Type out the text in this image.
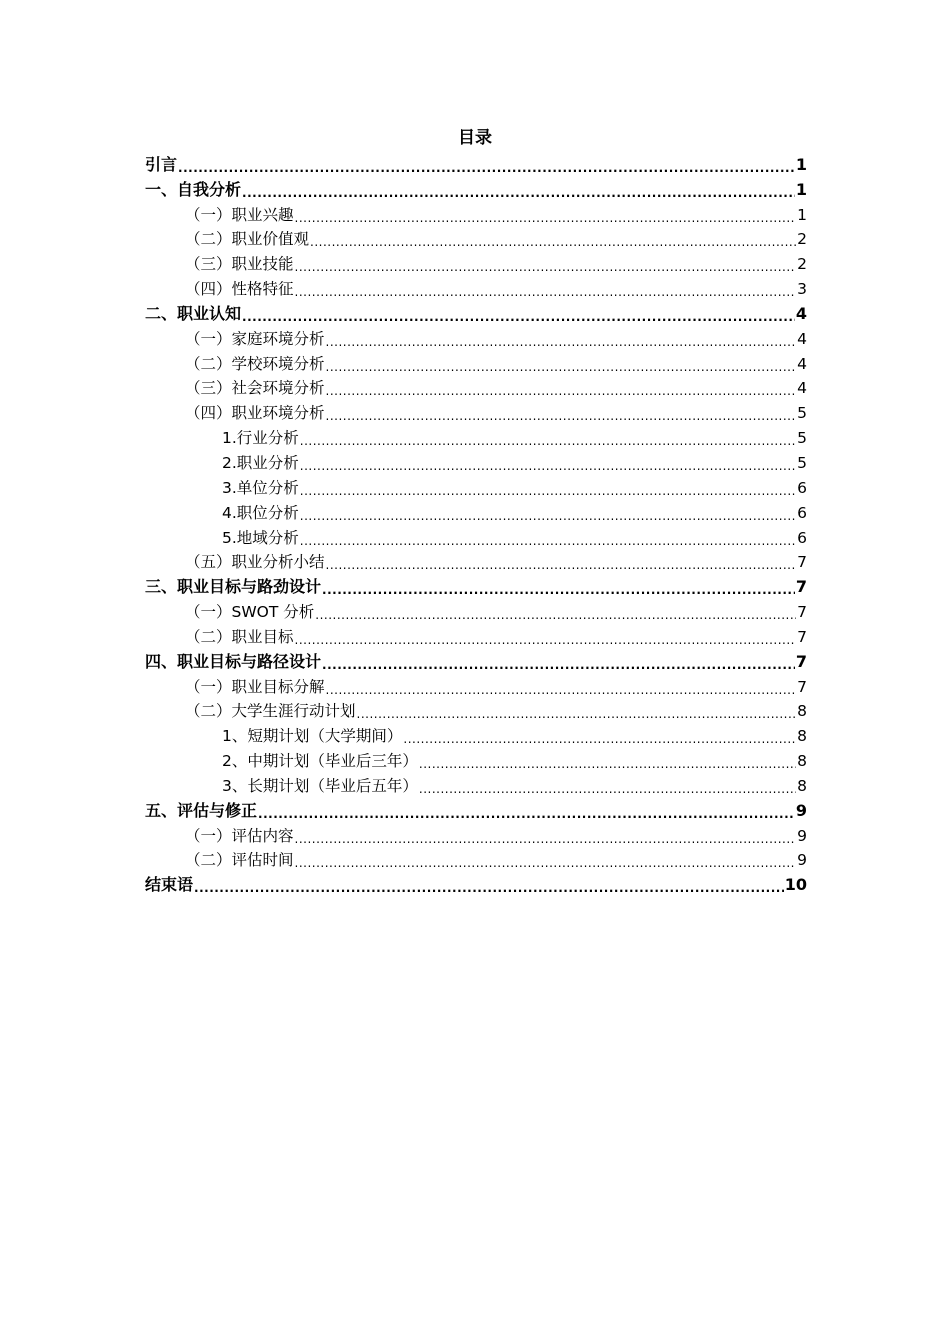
目录
引言 .....	1
一、自我分析 .....	1
（一）职业兴趣 .....	1
（二）职业价值观 .....	2
（三）职业技能 .....	2
（四）性格特征 .....	3
二、职业认知 .....	4
（一）家庭环境分析 .....	4
（二）学校环境分析 .....	4
（三）社会环境分析 .....	4
（四）职业环境分析 .....	5
1.行业分析 .....	5
2.职业分析 .....	5
3.单位分析 .....	6
4.职位分析 .....	6
5.地域分析 .....	6
（五）职业分析小结 .....	7
三、职业目标与路劲设计 .....	7
（一）SWOT 分析 .....	7
（二）职业目标 .....	7
四、职业目标与路径设计 .....	7
（一）职业目标分解 .....	7
（二）大学生涯行动计划 .....	8
1、短期计划（大学期间） .....	8
2、中期计划（毕业后三年） .....	8
3、长期计划（毕业后五年） .....	8
五、评估与修正 .....	9
（一）评估内容 .....	9
（二）评估时间 .....	9
结束语 .....	10
